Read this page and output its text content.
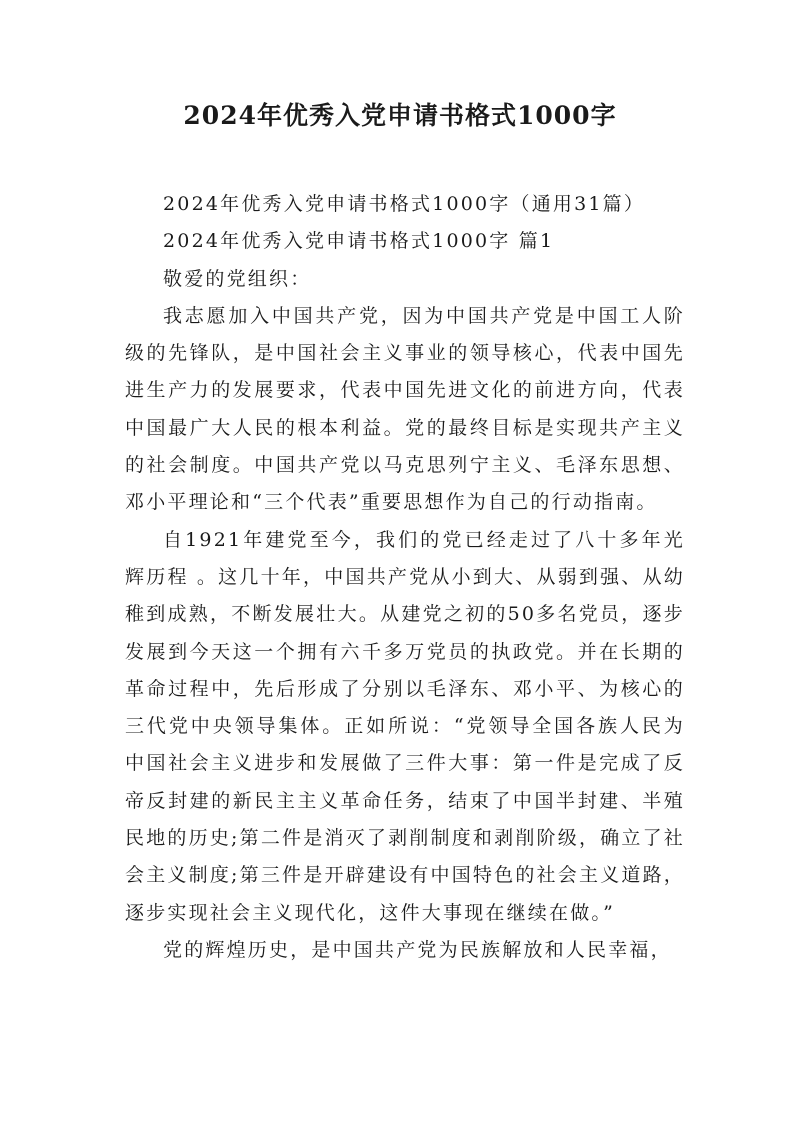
2024年优秀入党申请书格式1000字

2024年优秀入党申请书格式1000字（通用31篇）

2024年优秀入党申请书格式1000字 篇1

敬爱的党组织：

我志愿加入中国共产党，因为中国共产党是中国工人阶级的先锋队，是中国社会主义事业的领导核心，代表中国先进生产力的发展要求，代表中国先进文化的前进方向，代表中国最广大人民的根本利益。党的最终目标是实现共产主义的社会制度。中国共产党以马克思列宁主义、毛泽东思想、邓小平理论和“三个代表”重要思想作为自己的行动指南。

自1921年建党至今，我们的党已经走过了八十多年光辉历程 。这几十年，中国共产党从小到大、从弱到强、从幼稚到成熟，不断发展壮大。从建党之初的50多名党员，逐步发展到今天这一个拥有六千多万党员的执政党。并在长期的革命过程中，先后形成了分别以毛泽东、邓小平、为核心的三代党中央领导集体。正如所说：“党领导全国各族人民为中国社会主义进步和发展做了三件大事：第一件是完成了反帝反封建的新民主主义革命任务，结束了中国半封建、半殖民地的历史;第二件是消灭了剥削制度和剥削阶级，确立了社会主义制度;第三件是开辟建设有中国特色的社会主义道路，逐步实现社会主义现代化，这件大事现在继续在做。”

党的辉煌历史，是中国共产党为民族解放和人民幸福，
